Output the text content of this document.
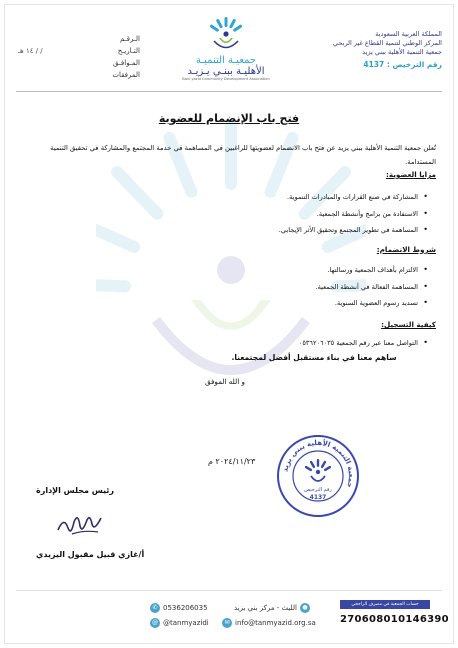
المملكة العربية السعودية
المركز الوطني لتنمية القطاع غير الربحي
جمعية التنمية الأهلية ببني يزيد
رقم الترخيص : 4137
جمعيـة التنميـة
الأهليـة ببنـي يـزيـد
Bani yazid Community Development Association
الـرقـم
التـاريـخ
/ / ١٤ هـ
المـوافـق
المرفقات
فتح باب الإنضمام للعضوية
تُعلن جمعية التنمية الأهلية ببني يزيد عن فتح باب الانضمام لعضويتها للراغبين في المساهمة في خدمة المجتمع والمشاركة في تحقيق التنمية المستدامة.
مزايا العضوية:
• المشاركة في صنع القرارات والمبادرات التنموية.
• الاستفادة من برامج وأنشطة الجمعية.
• المساهمة في تطوير المجتمع وتحقيق الأثر الإيجابي.
شروط الانضمام:
• الالتزام بأهداف الجمعية ورسالتها.
• المساهمة الفعالة في أنشطة الجمعية.
• تسديد رسوم العضوية السنوية.
كيفية التسجيل:
• التواصل معنا عبر رقم الجمعية ٠٥٣٦٢٠٦٠٣٥
ساهم معنا في بناء مستقبل أفضل لمجتمعنا.
و الله الموفق
٢٠٢٤/١١/٢٣ م
جمعية التنمية الأهلية ببني يزيد
رقم الترخيص
4137
رئيس مجلس الإدارة
أ/غازي قبيل مقبول اليزيدي
✆ 0536206035	●
الليث - مركز بني يزيد
@ @tanmyazidi	✉ info@tanmyazid.org.sa
حساب الجمعية في مصرف الراجحي
270608010146390
